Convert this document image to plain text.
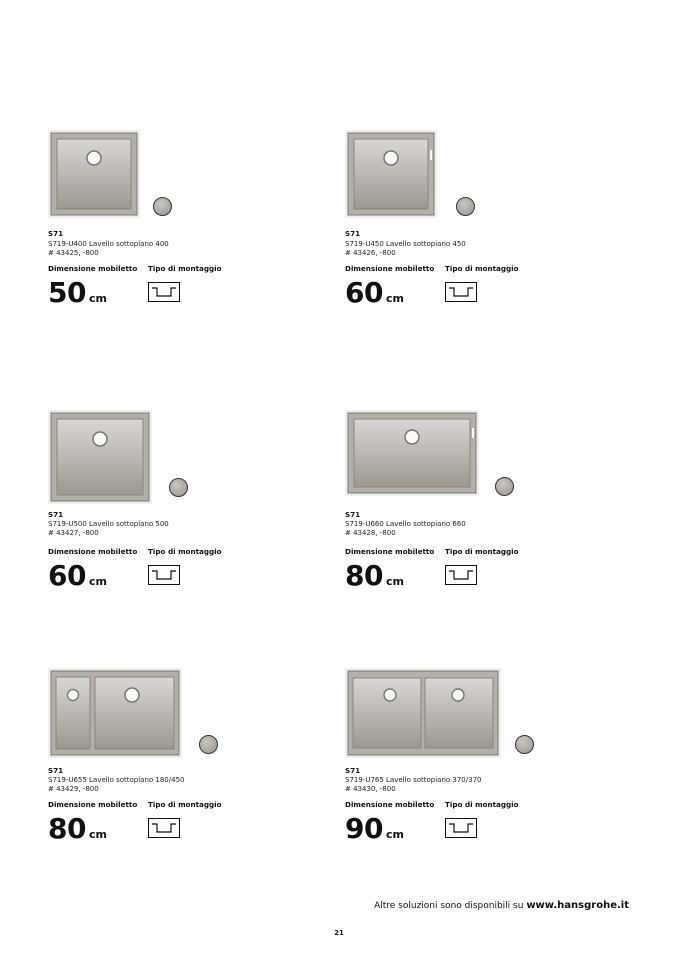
S71
S719-U400 Lavello sottopiano 400
# 43425, -800
Dimensione mobiletto Tipo di montaggio
50 cm
S71
S719-U450 Lavello sottopiano 450
# 43426, -800
Dimensione mobiletto Tipo di montaggio
60 cm
S71
S719-U500 Lavello sottopiano 500
# 43427, -800
Dimensione mobiletto Tipo di montaggio
60 cm
S71
S719-U660 Lavello sottopiano 660
# 43428, -800
Dimensione mobiletto Tipo di montaggio
80 cm
S71
S719-U655 Lavello sottopiano 180/450
# 43429, -800
Dimensione mobiletto Tipo di montaggio
80 cm
S71
S719-U765 Lavello sottopiano 370/370
# 43430, -800
Dimensione mobiletto Tipo di montaggio
90 cm
Altre soluzioni sono disponibili su www.hansgrohe.it
21
